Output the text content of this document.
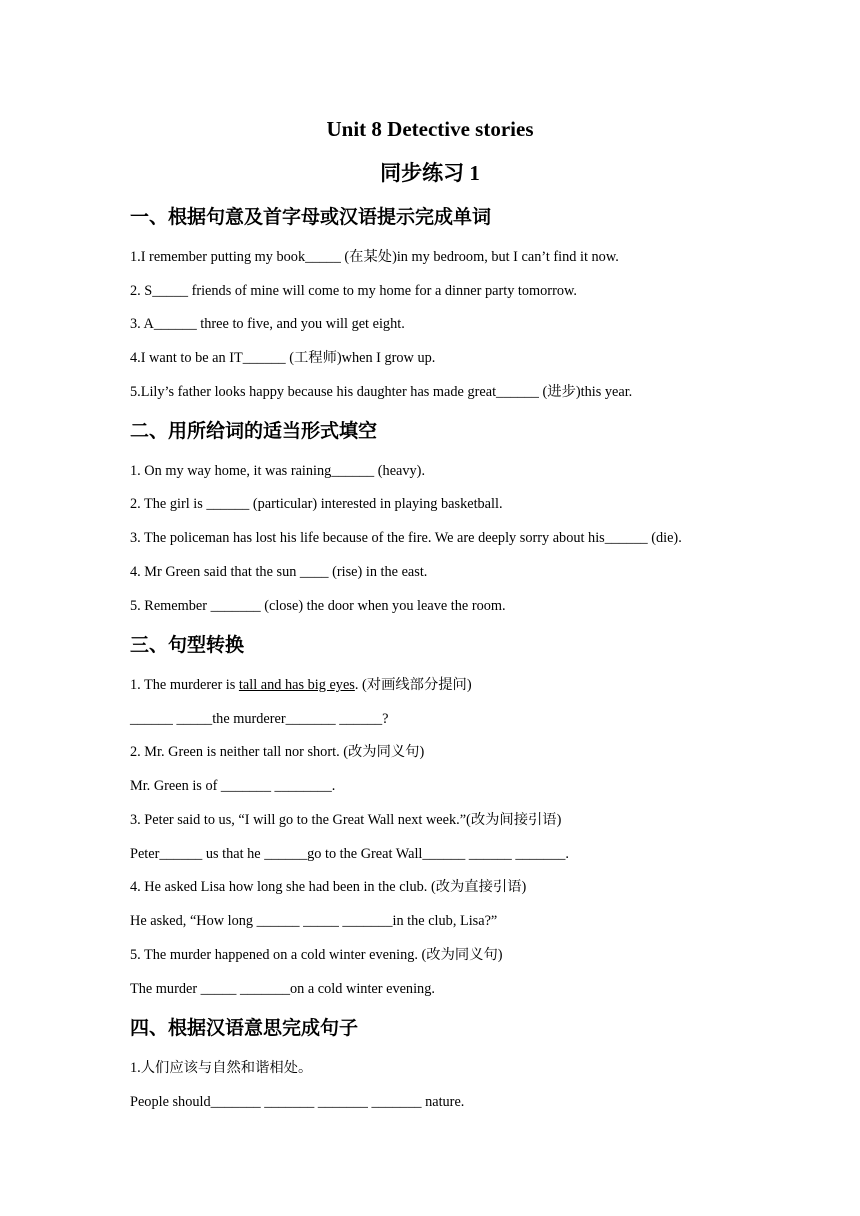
Unit 8 Detective stories
同步练习 1
一、根据句意及首字母或汉语提示完成单词
1.I remember putting my book_____ (在某处)in my bedroom, but I can’t find it now.
2. S_____ friends of mine will come to my home for a dinner party tomorrow.
3. A______ three to five, and you will get eight.
4.I want to be an IT______ (工程师)when I grow up.
5.Lily’s father looks happy because his daughter has made great______ (进步)this year.
二、用所给词的适当形式填空
1. On my way home, it was raining______ (heavy).
2. The girl is ______ (particular) interested in playing basketball.
3. The policeman has lost his life because of the fire. We are deeply sorry about his______ (die).
4. Mr Green said that the sun ____ (rise) in the east.
5. Remember _______ (close) the door when you leave the room.
三、句型转换
1. The murderer is tall and has big eyes. (对画线部分提问)
______ _____the murderer_______ ______?
2. Mr. Green is neither tall nor short. (改为同义句)
Mr. Green is of _______ ________.
3. Peter said to us, “I will go to the Great Wall next week.”(改为间接引语)
Peter______ us that he ______go to the Great Wall______ ______ _______.
4. He asked Lisa how long she had been in the club. (改为直接引语)
He asked, “How long ______ _____ _______in the club, Lisa?”
5. The murder happened on a cold winter evening. (改为同义句)
The murder _____ _______on a cold winter evening.
四、根据汉语意思完成句子
1.人们应该与自然和谐相处。
People should_______ _______ _______ _______ nature.
